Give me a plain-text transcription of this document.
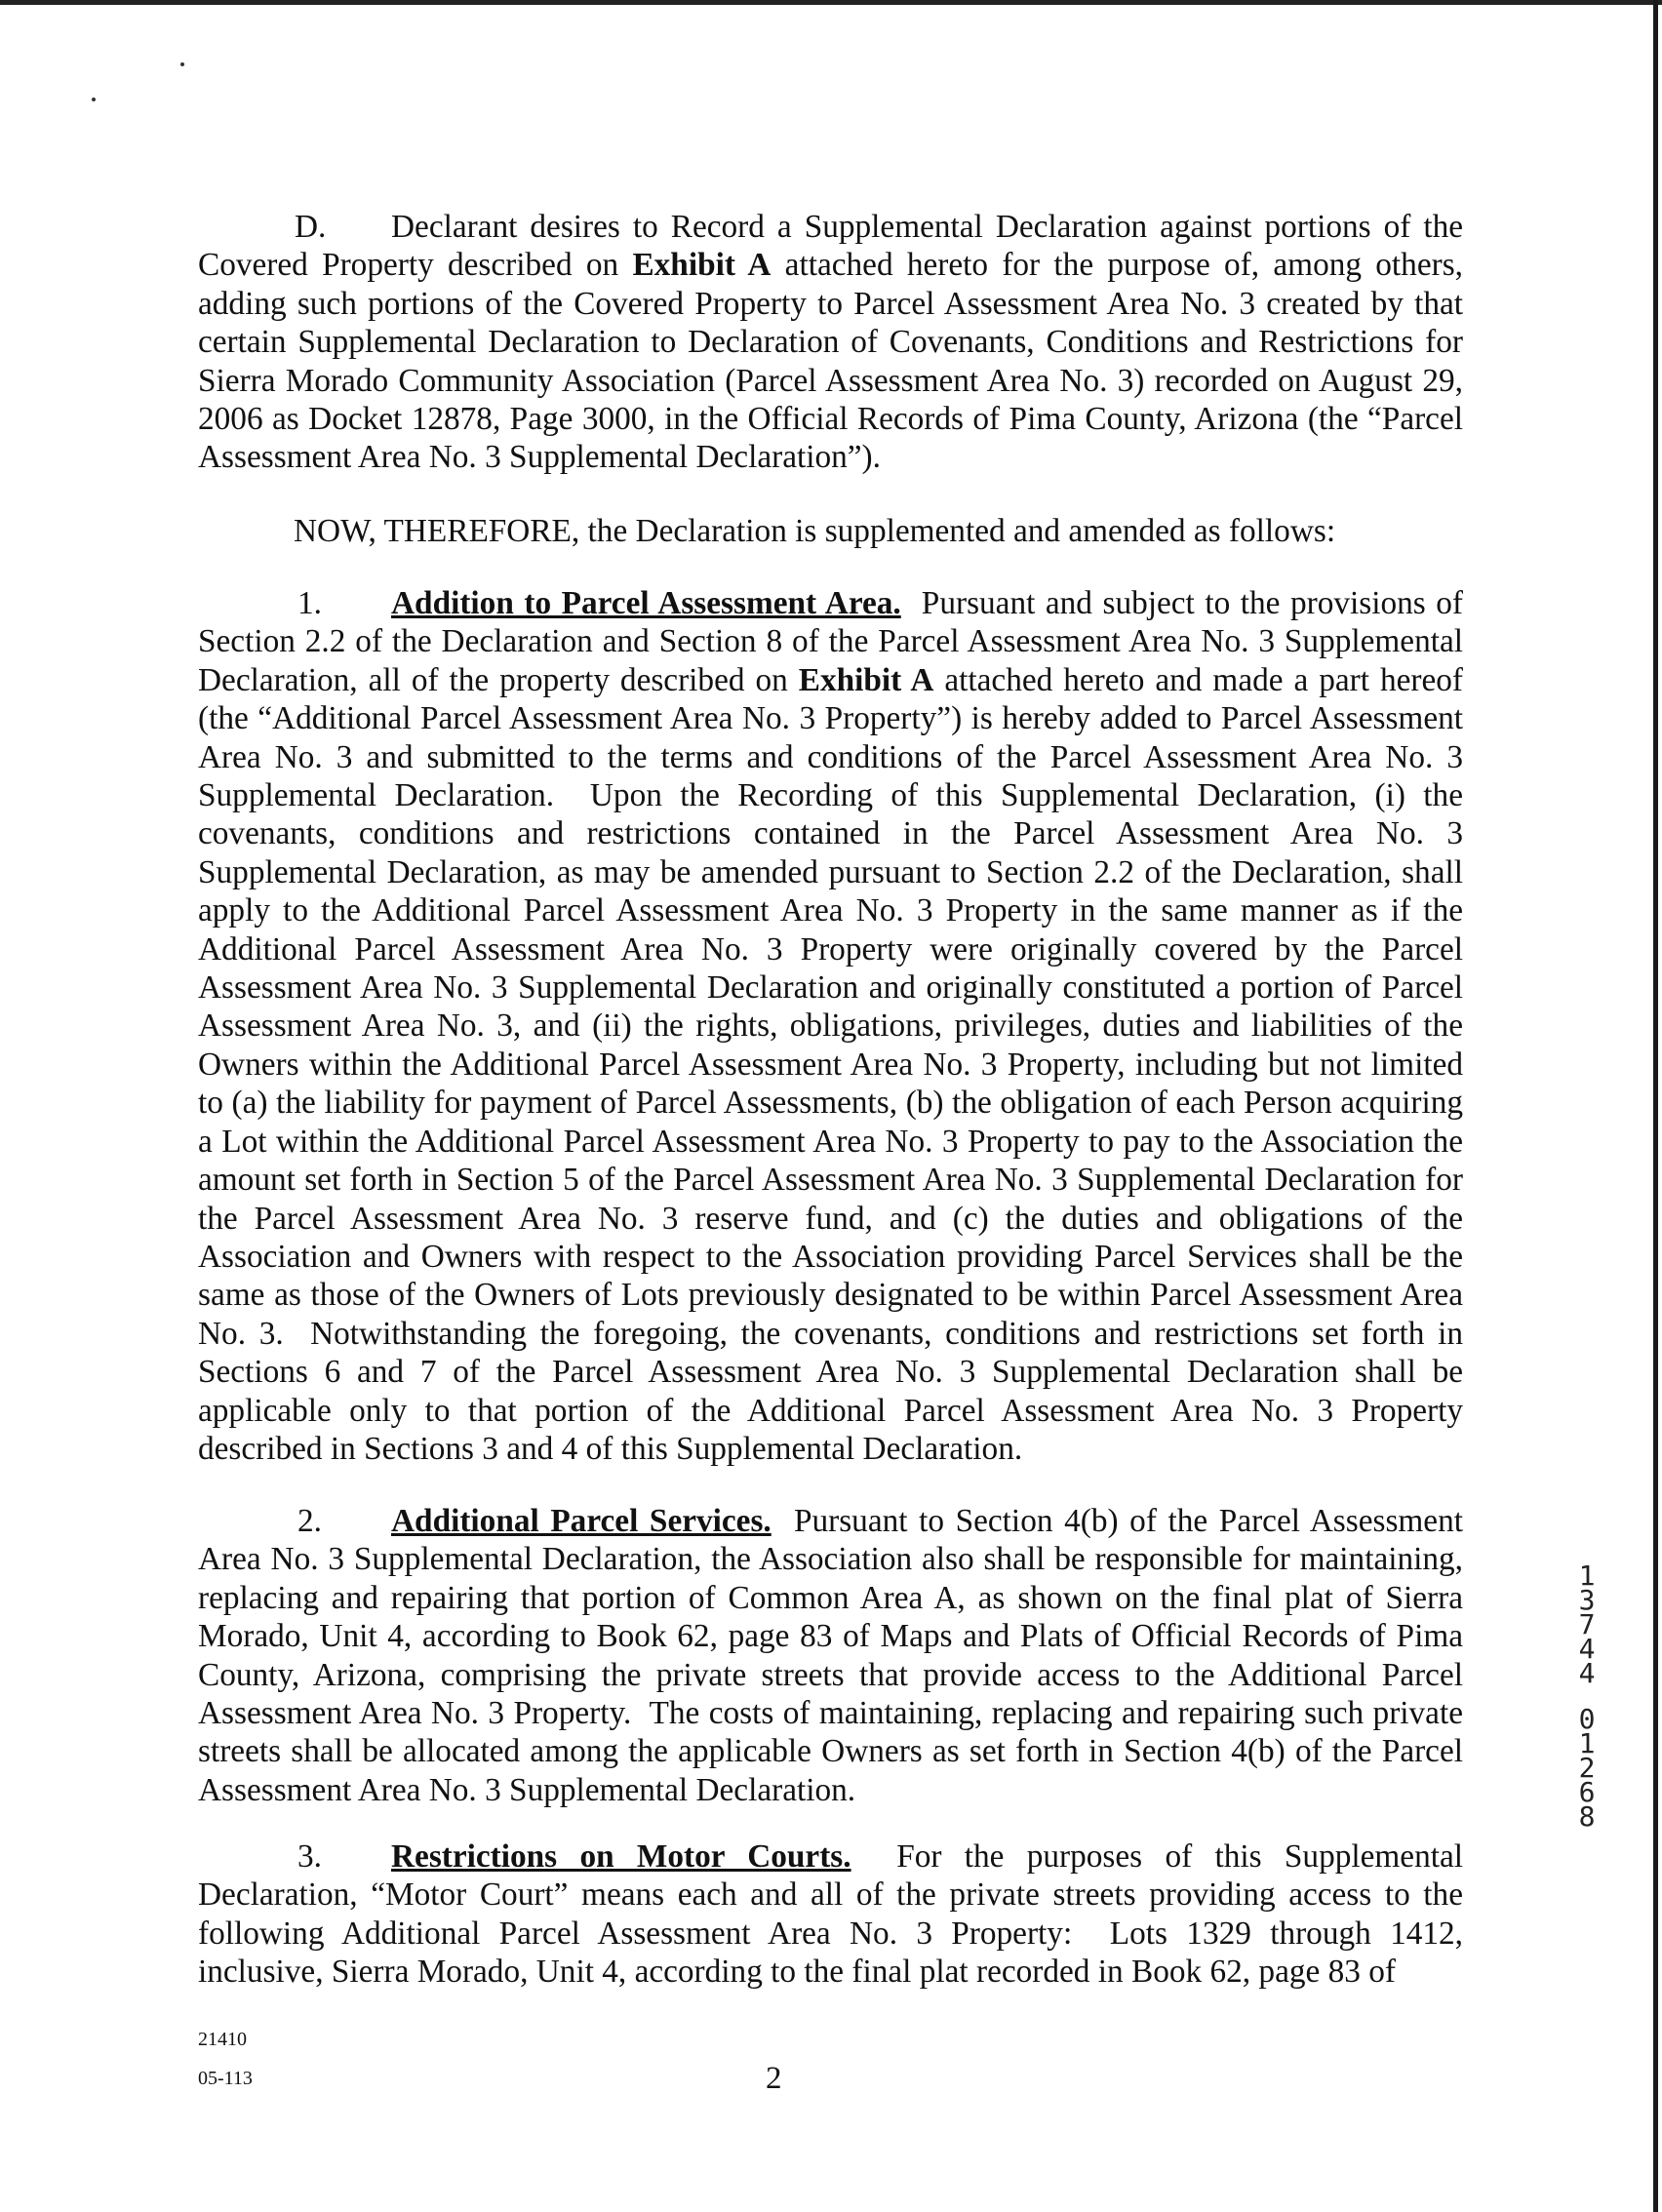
D. Declarant desires to Record a Supplemental Declaration against portions of the Covered Property described on Exhibit A attached hereto for the purpose of, among others, adding such portions of the Covered Property to Parcel Assessment Area No. 3 created by that certain Supplemental Declaration to Declaration of Covenants, Conditions and Restrictions for Sierra Morado Community Association (Parcel Assessment Area No. 3) recorded on August 29, 2006 as Docket 12878, Page 3000, in the Official Records of Pima County, Arizona (the “Parcel Assessment Area No. 3 Supplemental Declaration”).
NOW, THEREFORE, the Declaration is supplemented and amended as follows:
1. Addition to Parcel Assessment Area.  Pursuant and subject to the provisions of Section 2.2 of the Declaration and Section 8 of the Parcel Assessment Area No. 3 Supplemental Declaration, all of the property described on Exhibit A attached hereto and made a part hereof (the “Additional Parcel Assessment Area No. 3 Property”) is hereby added to Parcel Assessment Area No. 3 and submitted to the terms and conditions of the Parcel Assessment Area No. 3 Supplemental Declaration.  Upon the Recording of this Supplemental Declaration, (i) the covenants, conditions and restrictions contained in the Parcel Assessment Area No. 3 Supplemental Declaration, as may be amended pursuant to Section 2.2 of the Declaration, shall apply to the Additional Parcel Assessment Area No. 3 Property in the same manner as if the Additional Parcel Assessment Area No. 3 Property were originally covered by the Parcel Assessment Area No. 3 Supplemental Declaration and originally constituted a portion of Parcel Assessment Area No. 3, and (ii) the rights, obligations, privileges, duties and liabilities of the Owners within the Additional Parcel Assessment Area No. 3 Property, including but not limited to (a) the liability for payment of Parcel Assessments, (b) the obligation of each Person acquiring a Lot within the Additional Parcel Assessment Area No. 3 Property to pay to the Association the amount set forth in Section 5 of the Parcel Assessment Area No. 3 Supplemental Declaration for the Parcel Assessment Area No. 3 reserve fund, and (c) the duties and obligations of the Association and Owners with respect to the Association providing Parcel Services shall be the same as those of the Owners of Lots previously designated to be within Parcel Assessment Area No. 3.  Notwithstanding the foregoing, the covenants, conditions and restrictions set forth in Sections 6 and 7 of the Parcel Assessment Area No. 3 Supplemental Declaration shall be applicable only to that portion of the Additional Parcel Assessment Area No. 3 Property described in Sections 3 and 4 of this Supplemental Declaration.
2. Additional Parcel Services.  Pursuant to Section 4(b) of the Parcel Assessment Area No. 3 Supplemental Declaration, the Association also shall be responsible for maintaining, replacing and repairing that portion of Common Area A, as shown on the final plat of Sierra Morado, Unit 4, according to Book 62, page 83 of Maps and Plats of Official Records of Pima County, Arizona, comprising the private streets that provide access to the Additional Parcel Assessment Area No. 3 Property.  The costs of maintaining, replacing and repairing such private streets shall be allocated among the applicable Owners as set forth in Section 4(b) of the Parcel Assessment Area No. 3 Supplemental Declaration.
3. Restrictions on Motor Courts.  For the purposes of this Supplemental Declaration, “Motor Court” means each and all of the private streets providing access to the following Additional Parcel Assessment Area No. 3 Property:  Lots 1329 through 1412, inclusive, Sierra Morado, Unit 4, according to the final plat recorded in Book 62, page 83 of
1
3
7
4
4
0
1
2
6
8
21410
05-113	2
